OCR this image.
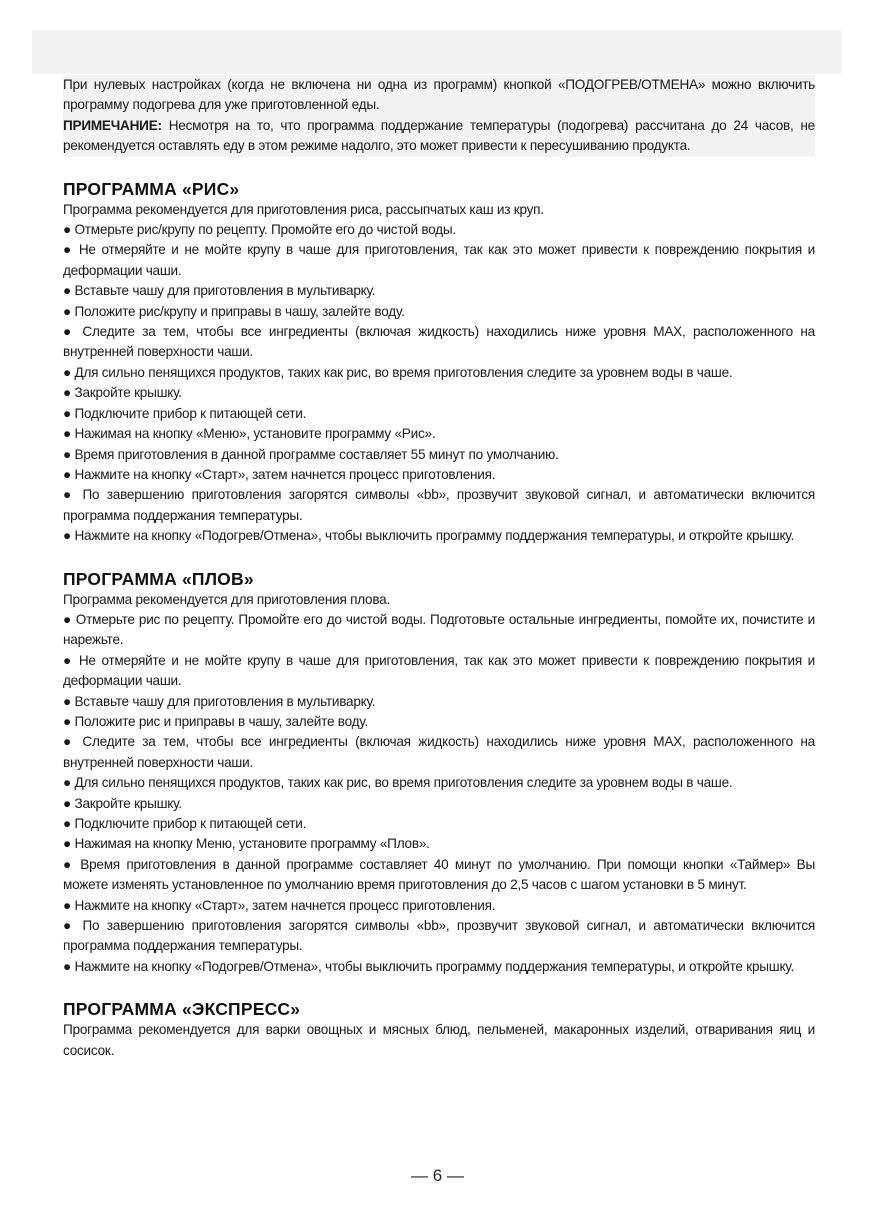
При нулевых настройках (когда не включена ни одна из программ) кнопкой «ПОДОГРЕВ/ОТМЕНА» можно включить программу подогрева для уже приготовленной еды.

ПРИМЕЧАНИЕ: Несмотря на то, что программа поддержание температуры (подогрева) рассчитана до 24 часов, не рекомендуется оставлять еду в этом режиме надолго, это может привести к пересушиванию продукта.

ПРОГРАММА «РИС»

Программа рекомендуется для приготовления риса, рассыпчатых каш из круп.

● Отмерьте рис/крупу по рецепту. Промойте его до чистой воды.

● Не отмеряйте и не мойте крупу в чаше для приготовления, так как это может привести к повреждению покрытия и деформации чаши.

● Вставьте чашу для приготовления в мультиварку.

● Положите рис/крупу и приправы в чашу, залейте воду.

● Следите за тем, чтобы все ингредиенты (включая жидкость) находились ниже уровня MAX, расположенного на внутренней поверхности чаши.

● Для сильно пенящихся продуктов, таких как рис, во время приготовления следите за уровнем воды в чаше.

● Закройте крышку.

● Подключите прибор к питающей сети.

● Нажимая на кнопку «Меню», установите программу «Рис».

● Время приготовления в данной программе составляет 55 минут по умолчанию.

● Нажмите на кнопку «Старт», затем начнется процесс приготовления.

● По завершению приготовления загорятся символы «bb», прозвучит звуковой сигнал, и автоматически включится программа поддержания температуры.

● Нажмите на кнопку «Подогрев/Отмена», чтобы выключить программу поддержания температуры, и откройте крышку.

ПРОГРАММА «ПЛОВ»

Программа рекомендуется для приготовления плова.

● Отмерьте рис по рецепту. Промойте его до чистой воды. Подготовьте остальные ингредиенты, помойте их, почистите и нарежьте.

● Не отмеряйте и не мойте крупу в чаше для приготовления, так как это может привести к повреждению покрытия и деформации чаши.

● Вставьте чашу для приготовления в мультиварку.

● Положите рис и приправы в чашу, залейте воду.

● Следите за тем, чтобы все ингредиенты (включая жидкость) находились ниже уровня MAX, расположенного на внутренней поверхности чаши.

● Для сильно пенящихся продуктов, таких как рис, во время приготовления следите за уровнем воды в чаше.

● Закройте крышку.

● Подключите прибор к питающей сети.

● Нажимая на кнопку Меню, установите программу «Плов».

● Время приготовления в данной программе составляет 40 минут по умолчанию. При помощи кнопки «Таймер» Вы можете изменять установленное по умолчанию время приготовления до 2,5 часов с шагом установки в 5 минут.

● Нажмите на кнопку «Старт», затем начнется процесс приготовления.

● По завершению приготовления загорятся символы «bb», прозвучит звуковой сигнал, и автоматически включится программа поддержания температуры.

● Нажмите на кнопку «Подогрев/Отмена», чтобы выключить программу поддержания температуры, и откройте крышку.

ПРОГРАММА «ЭКСПРЕСС»

Программа рекомендуется для варки овощных и мясных блюд, пельменей, макаронных изделий, отваривания яиц и сосисок.

— 6 —
